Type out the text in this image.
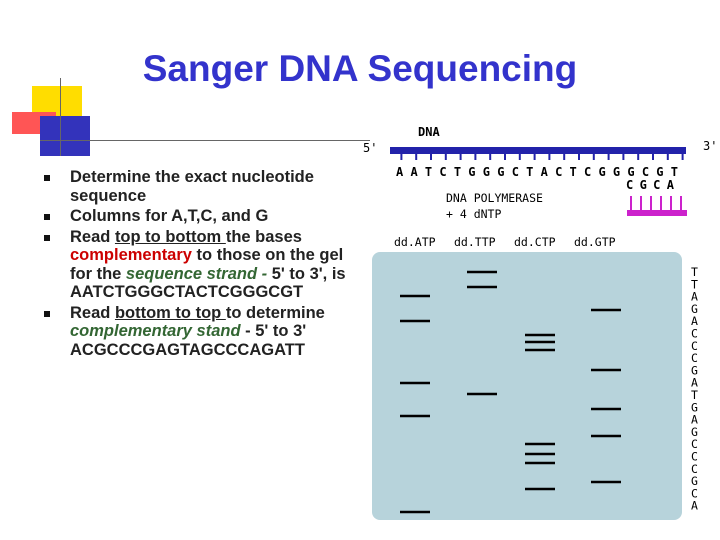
Sanger DNA Sequencing
Determine the exact nucleotide sequence
Columns for A,T,C, and G
Read top to bottom the bases complementary to those on the gel for the sequence strand - 5' to 3', is AATCTGGGCTACTCGGGCGT
Read bottom to top to determine complementary stand - 5' to 3' ACGCCCGAGTAGCCCAGATT
DNA
5'	3'
AATCTGGGCTACTCGGGCGT
CGCA
DNA POLYMERASE
+ 4 dNTP
dd.ATP dd.TTP dd.CTP dd.GTP
T
T
A
G
A
C
C
C
G
A
T
G
A
G
C
C
C
G
C
A
